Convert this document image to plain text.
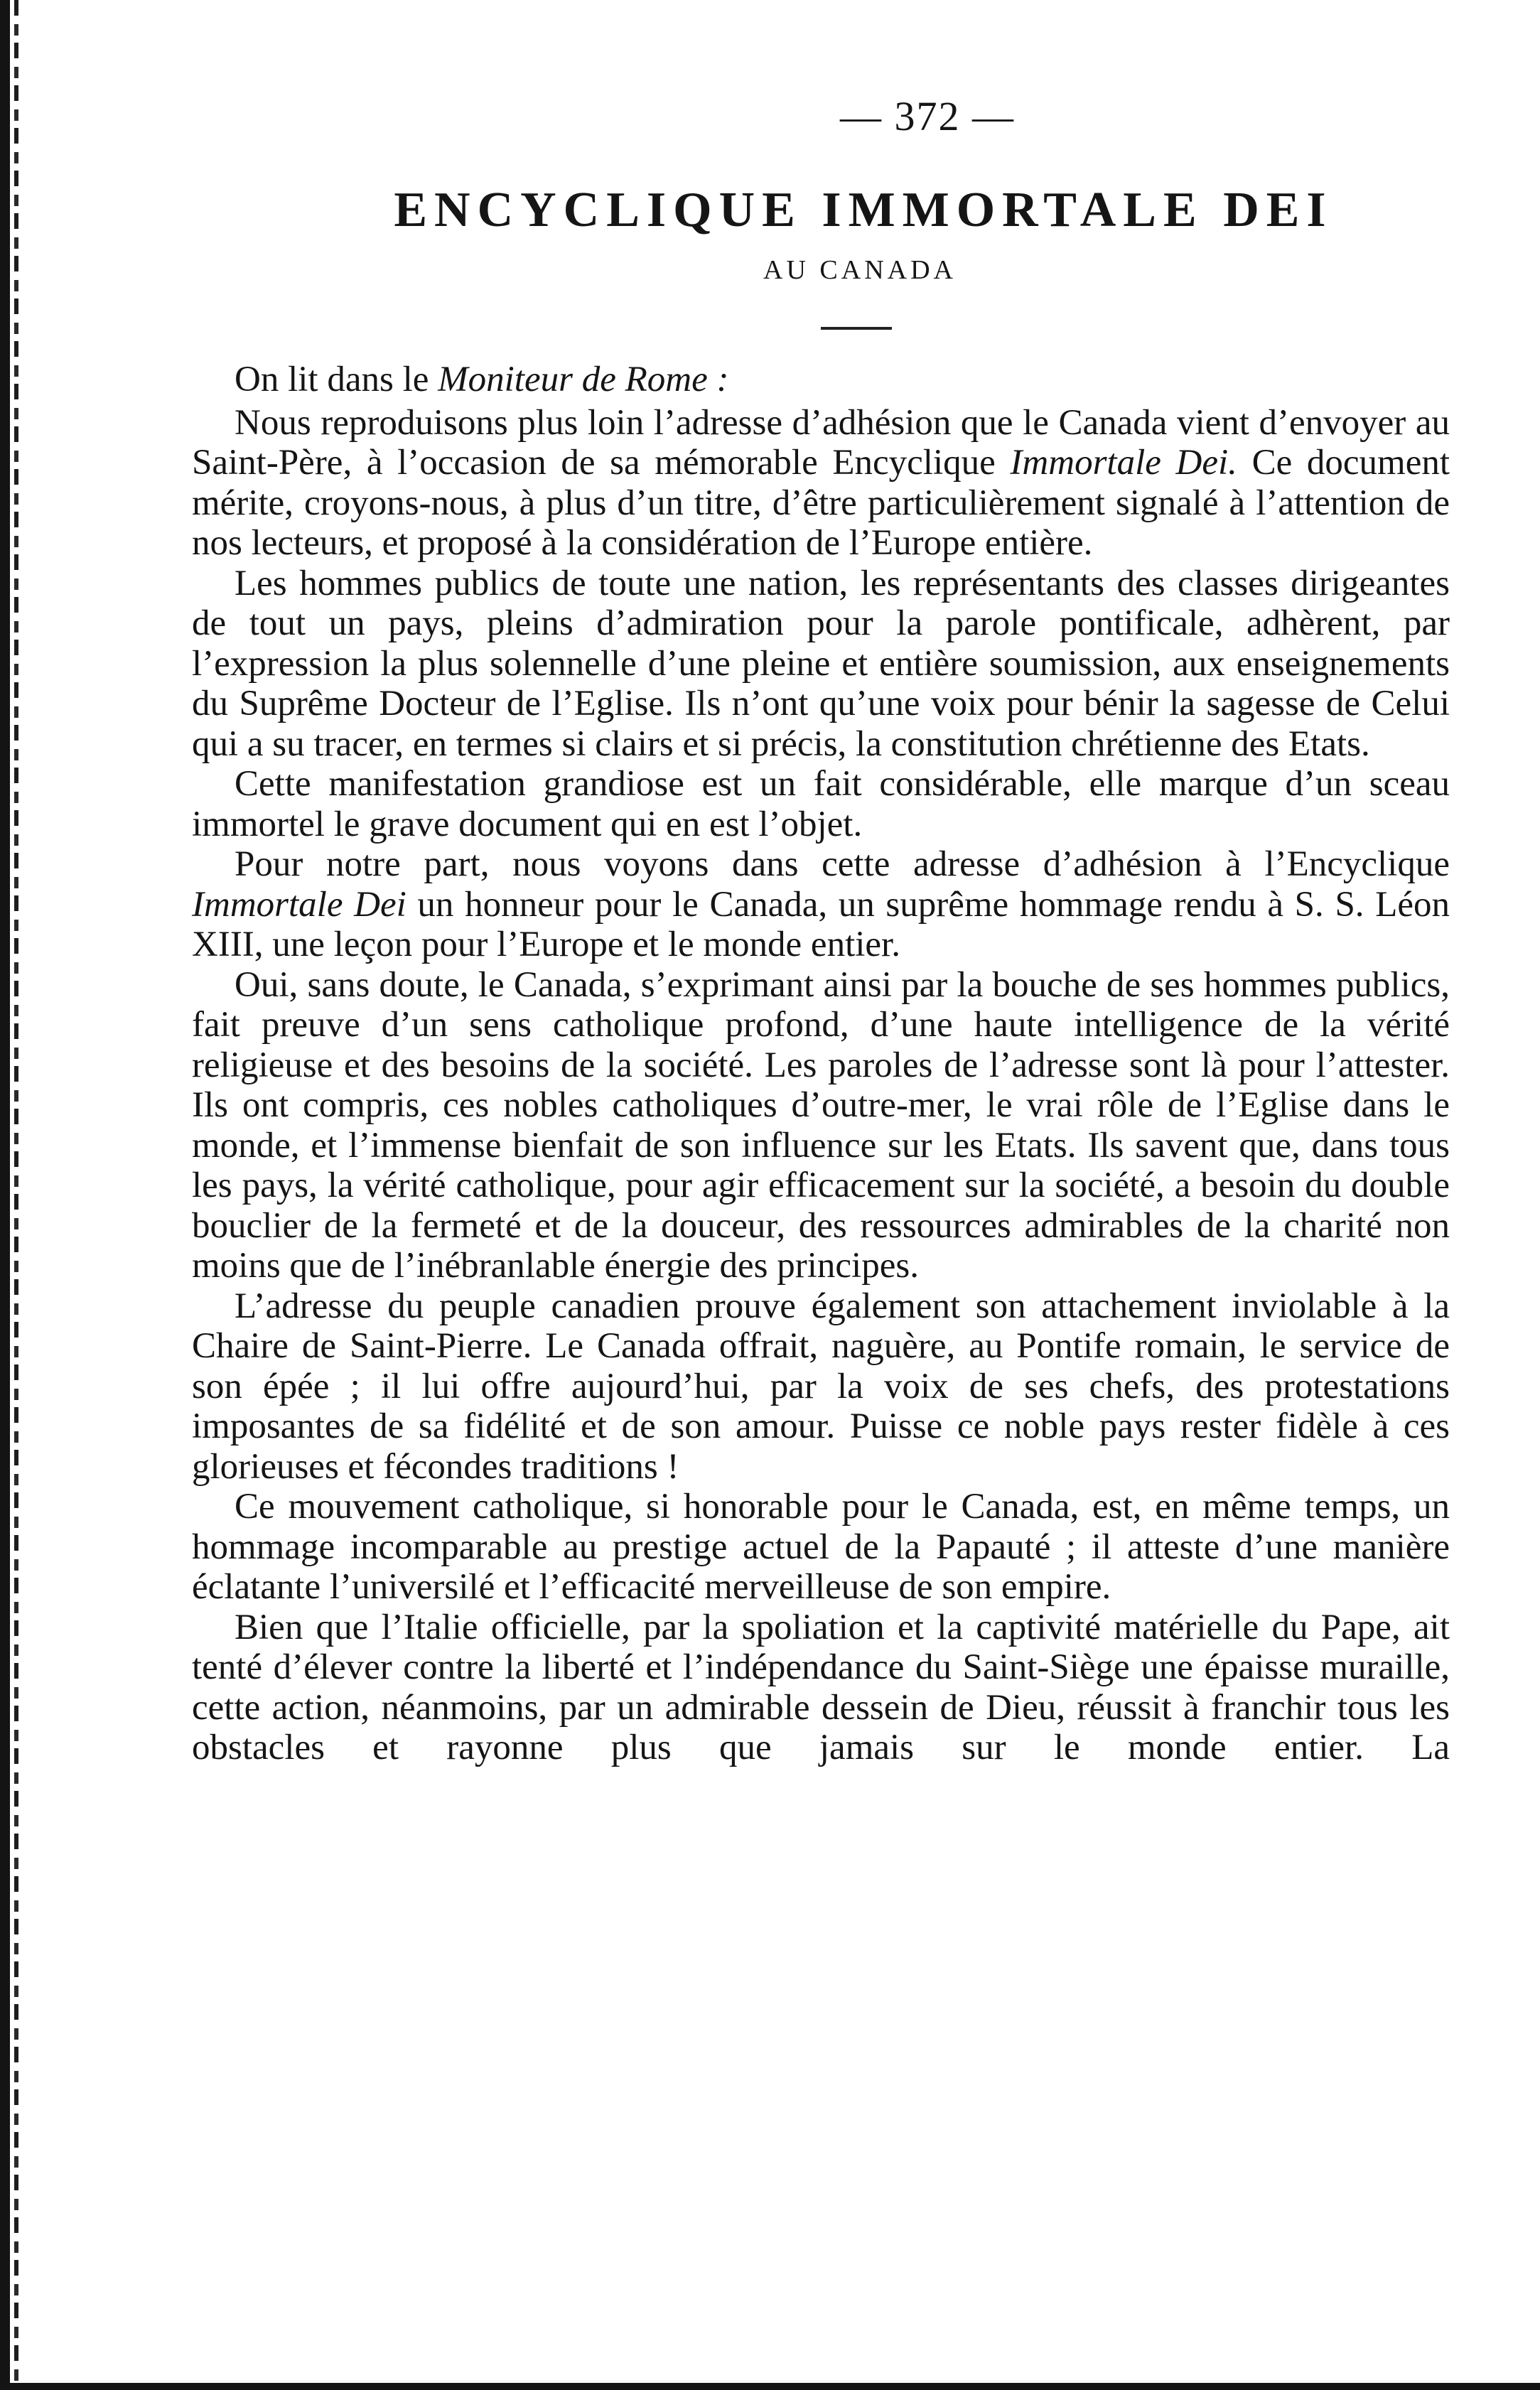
— 372 —
ENCYCLIQUE IMMORTALE DEI
AU CANADA

On lit dans le Moniteur de Rome :

Nous reproduisons plus loin l’adresse d’adhésion que le Canada vient d’envoyer au Saint-Père, à l’occasion de sa mémorable Encyclique Immortale Dei. Ce document mérite, croyons-nous, à plus d’un titre, d’être particulièrement signalé à l’attention de nos lecteurs, et proposé à la considération de l’Europe entière.

Les hommes publics de toute une nation, les représentants des classes dirigeantes de tout un pays, pleins d’admiration pour la parole pontificale, adhèrent, par l’expression la plus solennelle d’une pleine et entière soumission, aux enseignements du Suprême Docteur de l’Eglise. Ils n’ont qu’une voix pour bénir la sagesse de Celui qui a su tracer, en termes si clairs et si précis, la constitution chrétienne des Etats.

Cette manifestation grandiose est un fait considérable, elle marque d’un sceau immortel le grave document qui en est l’objet.

Pour notre part, nous voyons dans cette adresse d’adhésion à l’Encyclique Immortale Dei un honneur pour le Canada, un suprême hommage rendu à S. S. Léon XIII, une leçon pour l’Europe et le monde entier.

Oui, sans doute, le Canada, s’exprimant ainsi par la bouche de ses hommes publics, fait preuve d’un sens catholique profond, d’une haute intelligence de la vérité religieuse et des besoins de la société. Les paroles de l’adresse sont là pour l’attester. Ils ont compris, ces nobles catholiques d’outre-mer, le vrai rôle de l’Eglise dans le monde, et l’immense bienfait de son influence sur les Etats. Ils savent que, dans tous les pays, la vérité catholique, pour agir efficacement sur la société, a besoin du double bouclier de la fermeté et de la douceur, des ressources admirables de la charité non moins que de l’inébranlable énergie des principes.

L’adresse du peuple canadien prouve également son attachement inviolable à la Chaire de Saint-Pierre. Le Canada offrait, naguère, au Pontife romain, le service de son épée ; il lui offre aujourd’hui, par la voix de ses chefs, des protestations imposantes de sa fidélité et de son amour. Puisse ce noble pays rester fidèle à ces glorieuses et fécondes traditions !

Ce mouvement catholique, si honorable pour le Canada, est, en même temps, un hommage incomparable au prestige actuel de la Papauté ; il atteste d’une manière éclatante l’universilé et l’efficacité merveilleuse de son empire.

Bien que l’Italie officielle, par la spoliation et la captivité matérielle du Pape, ait tenté d’élever contre la liberté et l’indépendance du Saint-Siège une épaisse muraille, cette action, néanmoins, par un admirable dessein de Dieu, réussit à franchir tous les obstacles et rayonne plus que jamais sur le monde entier. La
